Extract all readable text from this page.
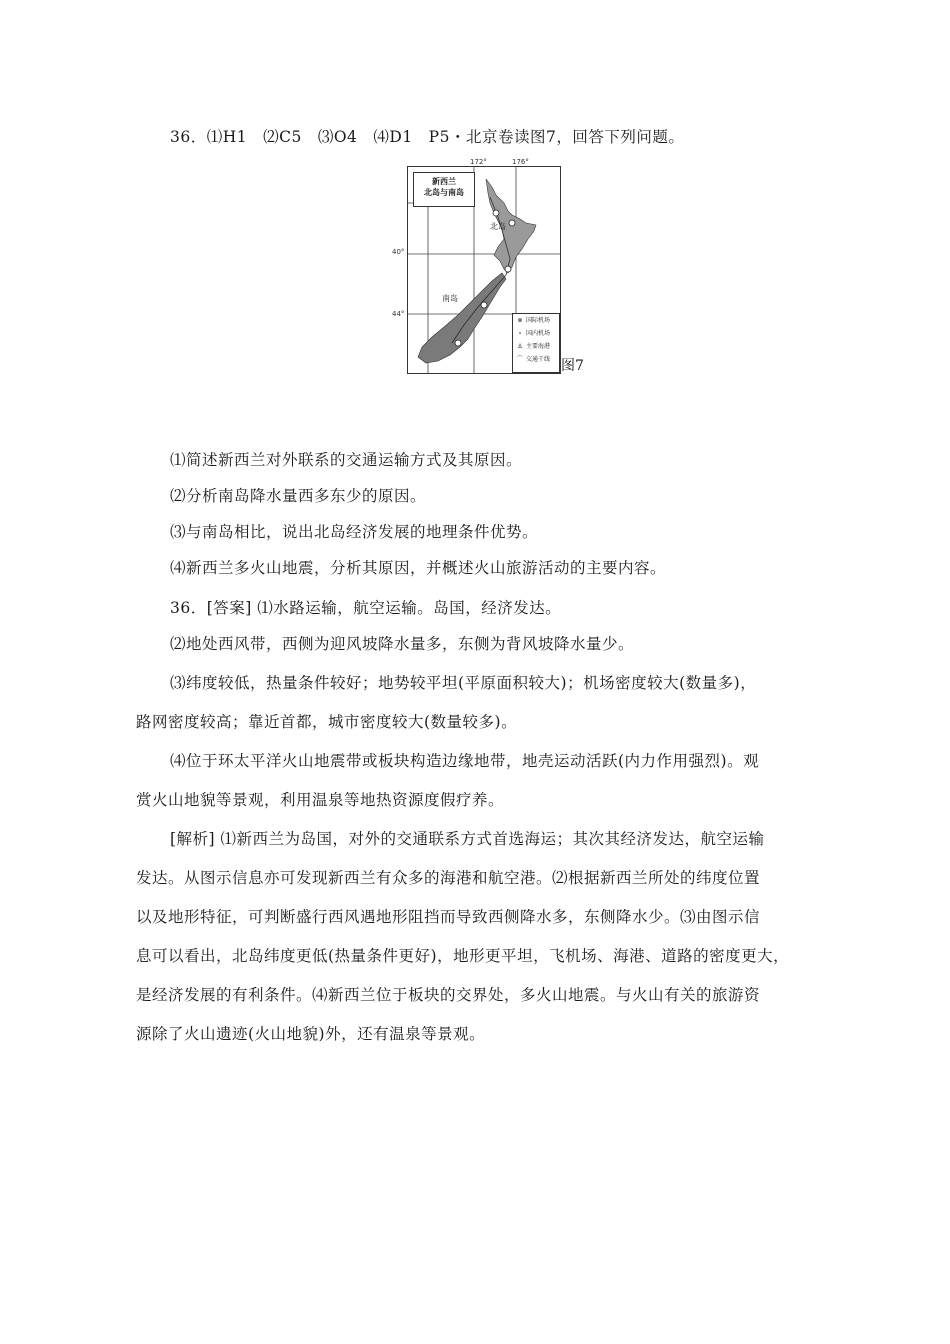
36．⑴H1　⑵C5　⑶O4　⑷D1　P5・北京卷读图7，回答下列问题。
172°	176°
40°
44°
新西兰
北岛与南岛
北岛
南岛
⊗ 国际机场
∘ 国内机场
⚓ 主要海港
⌒ 交通干线 图7
⑴简述新西兰对外联系的交通运输方式及其原因。
⑵分析南岛降水量西多东少的原因。
⑶与南岛相比，说出北岛经济发展的地理条件优势。
⑷新西兰多火山地震，分析其原因，并概述火山旅游活动的主要内容。
36．[答案] ⑴水路运输，航空运输。岛国，经济发达。
⑵地处西风带，西侧为迎风坡降水量多，东侧为背风坡降水量少。
⑶纬度较低，热量条件较好；地势较平坦(平原面积较大)；机场密度较大(数量多)，
路网密度较高；靠近首都，城市密度较大(数量较多)。
⑷位于环太平洋火山地震带或板块构造边缘地带，地壳运动活跃(内力作用强烈)。观
赏火山地貌等景观，利用温泉等地热资源度假疗养。
[解析] ⑴新西兰为岛国，对外的交通联系方式首选海运；其次其经济发达，航空运输
发达。从图示信息亦可发现新西兰有众多的海港和航空港。⑵根据新西兰所处的纬度位置
以及地形特征，可判断盛行西风遇地形阻挡而导致西侧降水多，东侧降水少。⑶由图示信
息可以看出，北岛纬度更低(热量条件更好)，地形更平坦，飞机场、海港、道路的密度更大，
是经济发展的有利条件。⑷新西兰位于板块的交界处，多火山地震。与火山有关的旅游资
源除了火山遗迹(火山地貌)外，还有温泉等景观。
